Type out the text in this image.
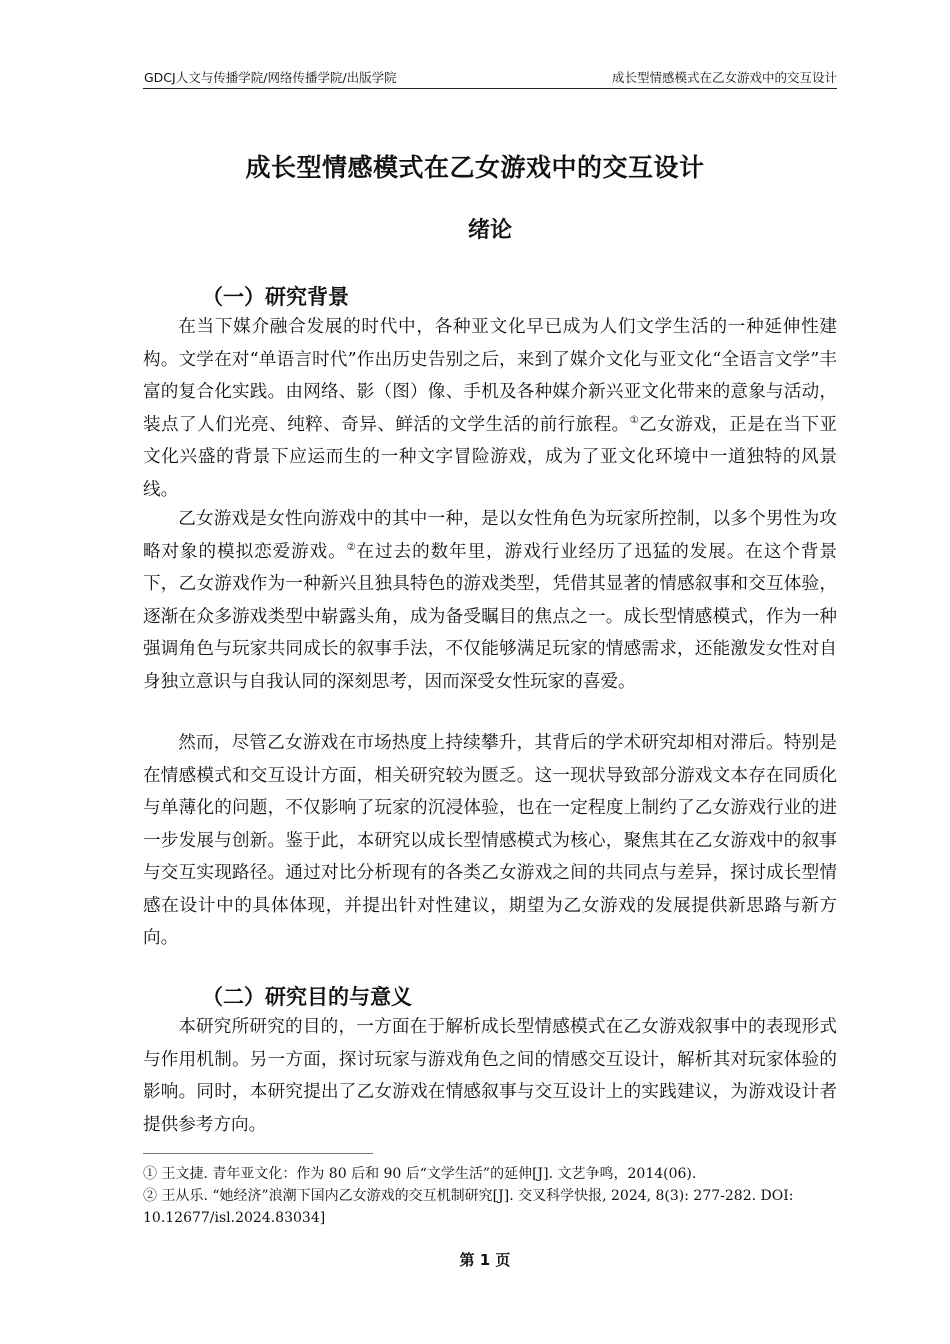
GDCJ人文与传播学院/网络传播学院/出版学院	成长型情感模式在乙女游戏中的交互设计
成长型情感模式在乙女游戏中的交互设计
绪论
（一）研究背景

在当下媒介融合发展的时代中，各种亚文化早已成为人们文学生活的一种延伸性建构。文学在对“单语言时代”作出历史告别之后，来到了媒介文化与亚文化“全语言文学”丰富的复合化实践。由网络、影（图）像、手机及各种媒介新兴亚文化带来的意象与活动，装点了人们光亮、纯粹、奇异、鲜活的文学生活的前行旅程。①乙女游戏，正是在当下亚文化兴盛的背景下应运而生的一种文字冒险游戏，成为了亚文化环境中一道独特的风景线。

乙女游戏是女性向游戏中的其中一种，是以女性角色为玩家所控制，以多个男性为攻略对象的模拟恋爱游戏。②在过去的数年里，游戏行业经历了迅猛的发展。在这个背景下，乙女游戏作为一种新兴且独具特色的游戏类型，凭借其显著的情感叙事和交互体验，逐渐在众多游戏类型中崭露头角，成为备受瞩目的焦点之一。成长型情感模式，作为一种强调角色与玩家共同成长的叙事手法，不仅能够满足玩家的情感需求，还能激发女性对自身独立意识与自我认同的深刻思考，因而深受女性玩家的喜爱。

然而，尽管乙女游戏在市场热度上持续攀升，其背后的学术研究却相对滞后。特别是在情感模式和交互设计方面，相关研究较为匮乏。这一现状导致部分游戏文本存在同质化与单薄化的问题，不仅影响了玩家的沉浸体验，也在一定程度上制约了乙女游戏行业的进一步发展与创新。鉴于此，本研究以成长型情感模式为核心，聚焦其在乙女游戏中的叙事与交互实现路径。通过对比分析现有的各类乙女游戏之间的共同点与差异，探讨成长型情感在设计中的具体体现，并提出针对性建议，期望为乙女游戏的发展提供新思路与新方向。

（二）研究目的与意义

本研究所研究的目的，一方面在于解析成长型情感模式在乙女游戏叙事中的表现形式与作用机制。另一方面，探讨玩家与游戏角色之间的情感交互设计，解析其对玩家体验的影响。同时，本研究提出了乙女游戏在情感叙事与交互设计上的实践建议，为游戏设计者提供参考方向。

① 王文捷. 青年亚文化：作为 80 后和 90 后“文学生活”的延伸[J]. 文艺争鸣，2014(06).

② 王从乐. “她经济”浪潮下国内乙女游戏的交互机制研究[J]. 交叉科学快报, 2024, 8(3): 277-282. DOI: 10.12677/isl.2024.83034]

第 1 页
